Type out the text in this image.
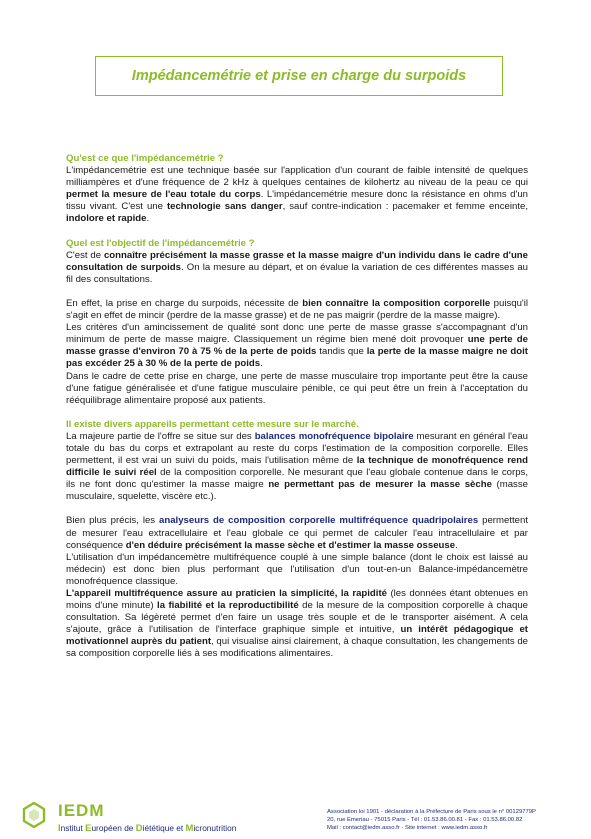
Impédancemétrie et prise en charge du surpoids

Qu'est ce que l'impédancemétrie ?

L'impédancemétrie est une technique basée sur l'application d'un courant de faible intensité de quelques milliampères et d'une fréquence de 2 kHz à quelques centaines de kilohertz au niveau de la peau ce qui permet la mesure de l'eau totale du corps. L'impédancemétrie mesure donc la résistance en ohms d'un tissu vivant. C'est une technologie sans danger, sauf contre-indication : pacemaker et femme enceinte, indolore et rapide.

Quel est l'objectif de l'impédancemétrie ?

C'est de connaître précisément la masse grasse et la masse maigre d'un individu dans le cadre d'une consultation de surpoids. On la mesure au départ, et on évalue la variation de ces différentes masses au fil des consultations.

En effet, la prise en charge du surpoids, nécessite de bien connaître la composition corporelle puisqu'il s'agit en effet de mincir (perdre de la masse grasse) et de ne pas maigrir (perdre de la masse maigre).

Les critères d'un amincissement de qualité sont donc une perte de masse grasse s'accompagnant d'un minimum de perte de masse maigre. Classiquement un régime bien mené doit provoquer une perte de masse grasse d'environ 70 à 75 % de la perte de poids tandis que la perte de la masse maigre ne doit pas excéder 25 à 30 % de la perte de poids.

Dans le cadre de cette prise en charge, une perte de masse musculaire trop importante peut être la cause d'une fatigue généralisée et d'une fatigue musculaire pénible, ce qui peut être un frein à l'acceptation du rééquilibrage alimentaire proposé aux patients.

Il existe divers appareils permettant cette mesure sur le marché.

La majeure partie de l'offre se situe sur des balances monofréquence bipolaire mesurant en général l'eau totale du bas du corps et extrapolant au reste du corps l'estimation de la composition corporelle. Elles permettent, il est vrai un suivi du poids, mais l'utilisation même de la technique de monofréquence rend difficile le suivi réel de la composition corporelle. Ne mesurant que l'eau globale contenue dans le corps, ils ne font donc qu'estimer la masse maigre ne permettant pas de mesurer la masse sèche (masse musculaire, squelette, viscère etc.).

Bien plus précis, les analyseurs de composition corporelle multifréquence quadripolaires permettent de mesurer l'eau extracellulaire et l'eau globale ce qui permet de calculer l'eau intracellulaire et par conséquence d'en déduire précisément la masse sèche et d'estimer la masse osseuse.

L'utilisation d'un impédancemètre multifréquence couplé à une simple balance (dont le choix est laissé au médecin) est donc bien plus performant que l'utilisation d'un tout-en-un Balance-impédancemètre monofréquence classique.

L'appareil multifréquence assure au praticien la simplicité, la rapidité (les données étant obtenues en moins d'une minute) la fiabilité et la reproductibilité de la mesure de la composition corporelle à chaque consultation. Sa légèreté permet d'en faire un usage très souple et de le transporter aisément. A cela s'ajoute, grâce à l'utilisation de l'interface graphique simple et intuitive, un intérêt pédagogique et motivationnel auprès du patient, qui visualise ainsi clairement, à chaque consultation, les changements de sa composition corporelle liés à ses modifications alimentaires.

IEDM
Institut Européen de Diététique et Micronutrition
Association loi 1901 - déclaration à la Préfecture de Paris sous le n° 00129779P
20, rue Emeriau - 75015 Paris - Tél : 01.53.86.00.81 - Fax : 01.53.86.00.82
Mail : contact@iedm.asso.fr - Site internet : www.iedm.asso.fr
